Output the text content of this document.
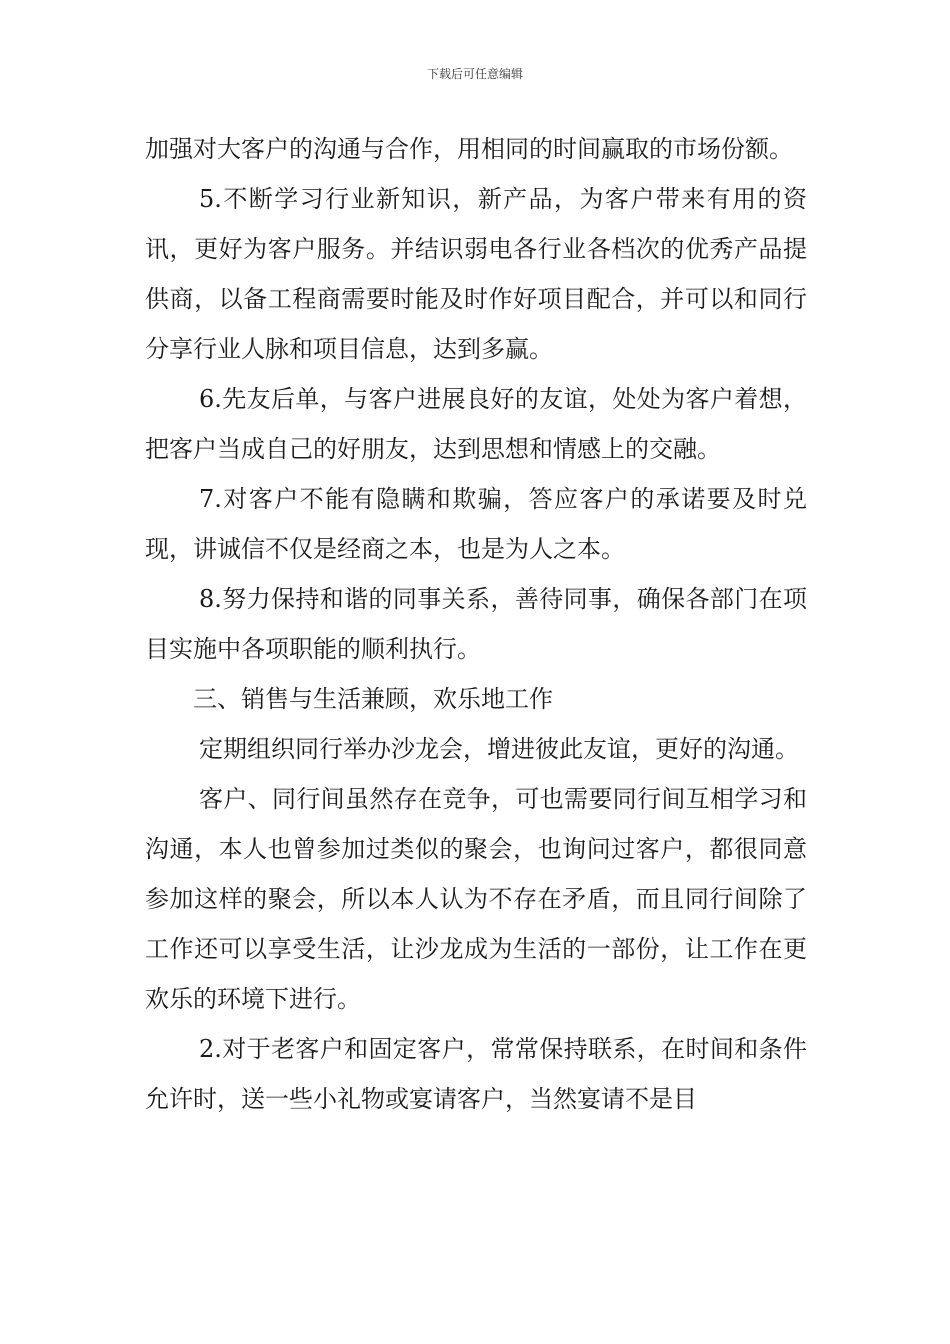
下载后可任意编辑

加强对大客户的沟通与合作，用相同的时间赢取的市场份额。

5.不断学习行业新知识，新产品，为客户带来有用的资讯，更好为客户服务。并结识弱电各行业各档次的优秀产品提供商，以备工程商需要时能及时作好项目配合，并可以和同行分享行业人脉和项目信息，达到多赢。

6.先友后单，与客户进展良好的友谊，处处为客户着想，把客户当成自己的好朋友，达到思想和情感上的交融。

7.对客户不能有隐瞒和欺骗，答应客户的承诺要及时兑现，讲诚信不仅是经商之本，也是为人之本。

8.努力保持和谐的同事关系，善待同事，确保各部门在项目实施中各项职能的顺利执行。

三、销售与生活兼顾，欢乐地工作

定期组织同行举办沙龙会，增进彼此友谊，更好的沟通。

客户、同行间虽然存在竞争，可也需要同行间互相学习和沟通，本人也曾参加过类似的聚会，也询问过客户，都很同意参加这样的聚会，所以本人认为不存在矛盾，而且同行间除了工作还可以享受生活，让沙龙成为生活的一部份，让工作在更欢乐的环境下进行。

2.对于老客户和固定客户，常常保持联系，在时间和条件允许时，送一些小礼物或宴请客户，当然宴请不是目
